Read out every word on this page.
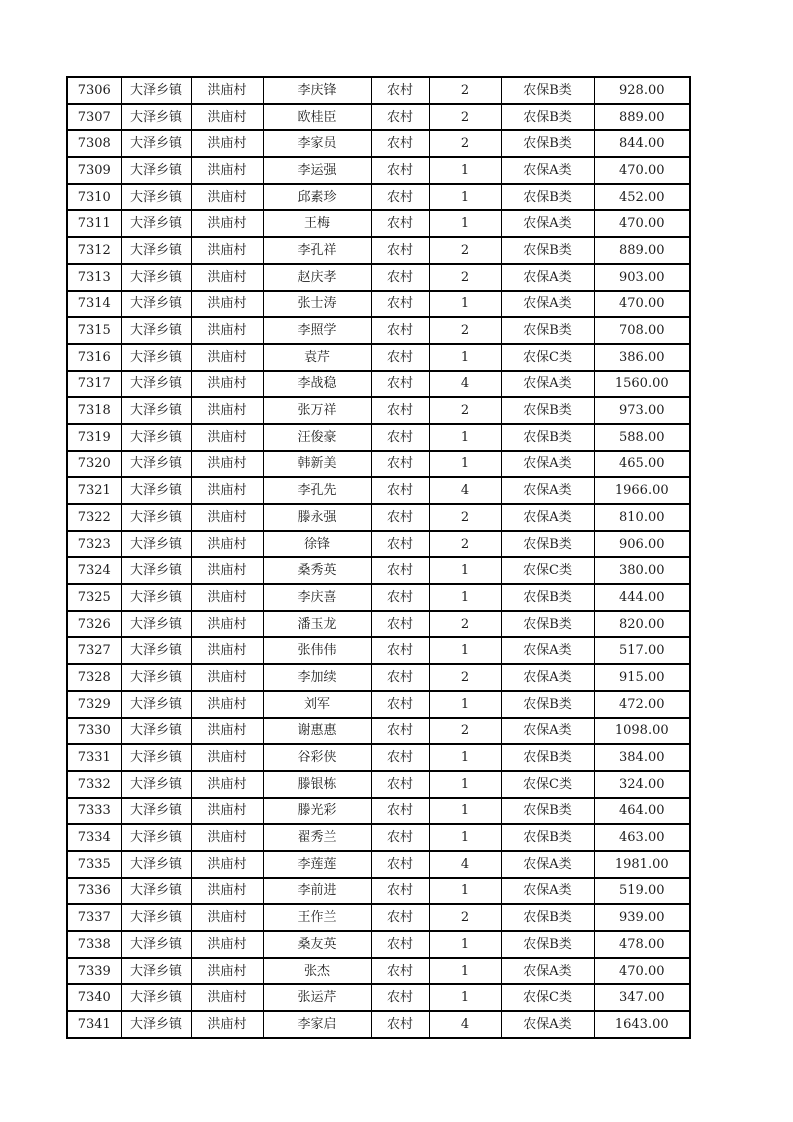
7306	大泽乡镇	洪庙村	李庆锋	农村	2	农保B类	928.00
7307	大泽乡镇	洪庙村	欧桂臣	农村	2	农保B类	889.00
7308	大泽乡镇	洪庙村	李家员	农村	2	农保B类	844.00
7309	大泽乡镇	洪庙村	李运强	农村	1	农保A类	470.00
7310	大泽乡镇	洪庙村	邱素珍	农村	1	农保B类	452.00
7311	大泽乡镇	洪庙村	王梅	农村	1	农保A类	470.00
7312	大泽乡镇	洪庙村	李孔祥	农村	2	农保B类	889.00
7313	大泽乡镇	洪庙村	赵庆孝	农村	2	农保A类	903.00
7314	大泽乡镇	洪庙村	张士涛	农村	1	农保A类	470.00
7315	大泽乡镇	洪庙村	李照学	农村	2	农保B类	708.00
7316	大泽乡镇	洪庙村	袁芹	农村	1	农保C类	386.00
7317	大泽乡镇	洪庙村	李战稳	农村	4	农保A类	1560.00
7318	大泽乡镇	洪庙村	张万祥	农村	2	农保B类	973.00
7319	大泽乡镇	洪庙村	汪俊豪	农村	1	农保B类	588.00
7320	大泽乡镇	洪庙村	韩新美	农村	1	农保A类	465.00
7321	大泽乡镇	洪庙村	李孔先	农村	4	农保A类	1966.00
7322	大泽乡镇	洪庙村	滕永强	农村	2	农保A类	810.00
7323	大泽乡镇	洪庙村	徐锋	农村	2	农保B类	906.00
7324	大泽乡镇	洪庙村	桑秀英	农村	1	农保C类	380.00
7325	大泽乡镇	洪庙村	李庆喜	农村	1	农保B类	444.00
7326	大泽乡镇	洪庙村	潘玉龙	农村	2	农保B类	820.00
7327	大泽乡镇	洪庙村	张伟伟	农村	1	农保A类	517.00
7328	大泽乡镇	洪庙村	李加续	农村	2	农保A类	915.00
7329	大泽乡镇	洪庙村	刘军	农村	1	农保B类	472.00
7330	大泽乡镇	洪庙村	谢惠惠	农村	2	农保A类	1098.00
7331	大泽乡镇	洪庙村	谷彩侠	农村	1	农保B类	384.00
7332	大泽乡镇	洪庙村	滕银栋	农村	1	农保C类	324.00
7333	大泽乡镇	洪庙村	滕光彩	农村	1	农保B类	464.00
7334	大泽乡镇	洪庙村	翟秀兰	农村	1	农保B类	463.00
7335	大泽乡镇	洪庙村	李莲莲	农村	4	农保A类	1981.00
7336	大泽乡镇	洪庙村	李前进	农村	1	农保A类	519.00
7337	大泽乡镇	洪庙村	王作兰	农村	2	农保B类	939.00
7338	大泽乡镇	洪庙村	桑友英	农村	1	农保B类	478.00
7339	大泽乡镇	洪庙村	张杰	农村	1	农保A类	470.00
7340	大泽乡镇	洪庙村	张运芹	农村	1	农保C类	347.00
7341	大泽乡镇	洪庙村	李家启	农村	4	农保A类	1643.00
